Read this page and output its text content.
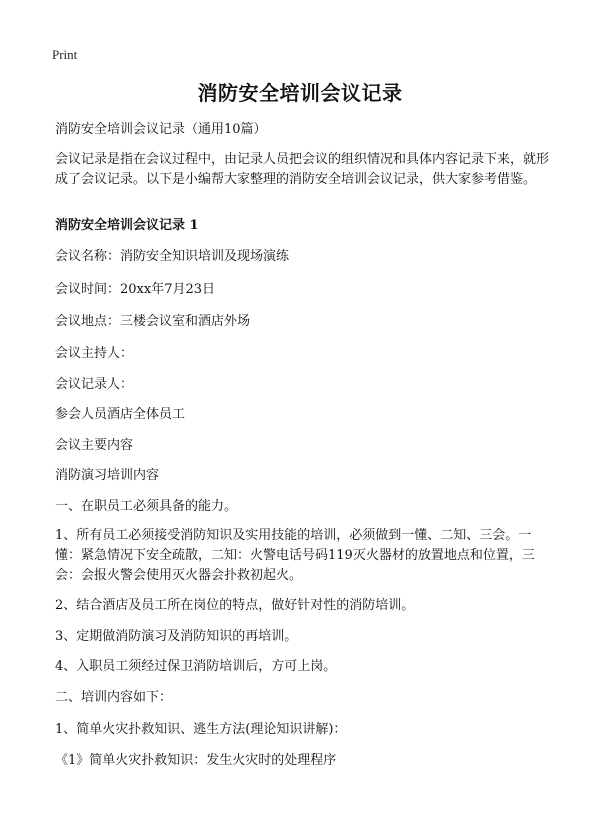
Print
消防安全培训会议记录
消防安全培训会议记录（通用10篇）
会议记录是指在会议过程中，由记录人员把会议的组织情况和具体内容记录下来，就形成了会议记录。以下是小编帮大家整理的消防安全培训会议记录，供大家参考借鉴。
消防安全培训会议记录 1
会议名称：消防安全知识培训及现场演练
会议时间：20xx年7月23日
会议地点：三楼会议室和酒店外场
会议主持人：
会议记录人：
参会人员酒店全体员工
会议主要内容
消防演习培训内容
一、在职员工必须具备的能力。
1、所有员工必须接受消防知识及实用技能的培训，必须做到一懂、二知、三会。一懂：紧急情况下安全疏散，二知：火警电话号码119灭火器材的放置地点和位置，三会：会报火警会使用灭火器会扑救初起火。
2、结合酒店及员工所在岗位的特点，做好针对性的消防培训。
3、定期做消防演习及消防知识的再培训。
4、入职员工须经过保卫消防培训后，方可上岗。
二、培训内容如下：
1、简单火灾扑救知识、逃生方法(理论知识讲解)：
《1》简单火灾扑救知识：发生火灾时的处理程序
